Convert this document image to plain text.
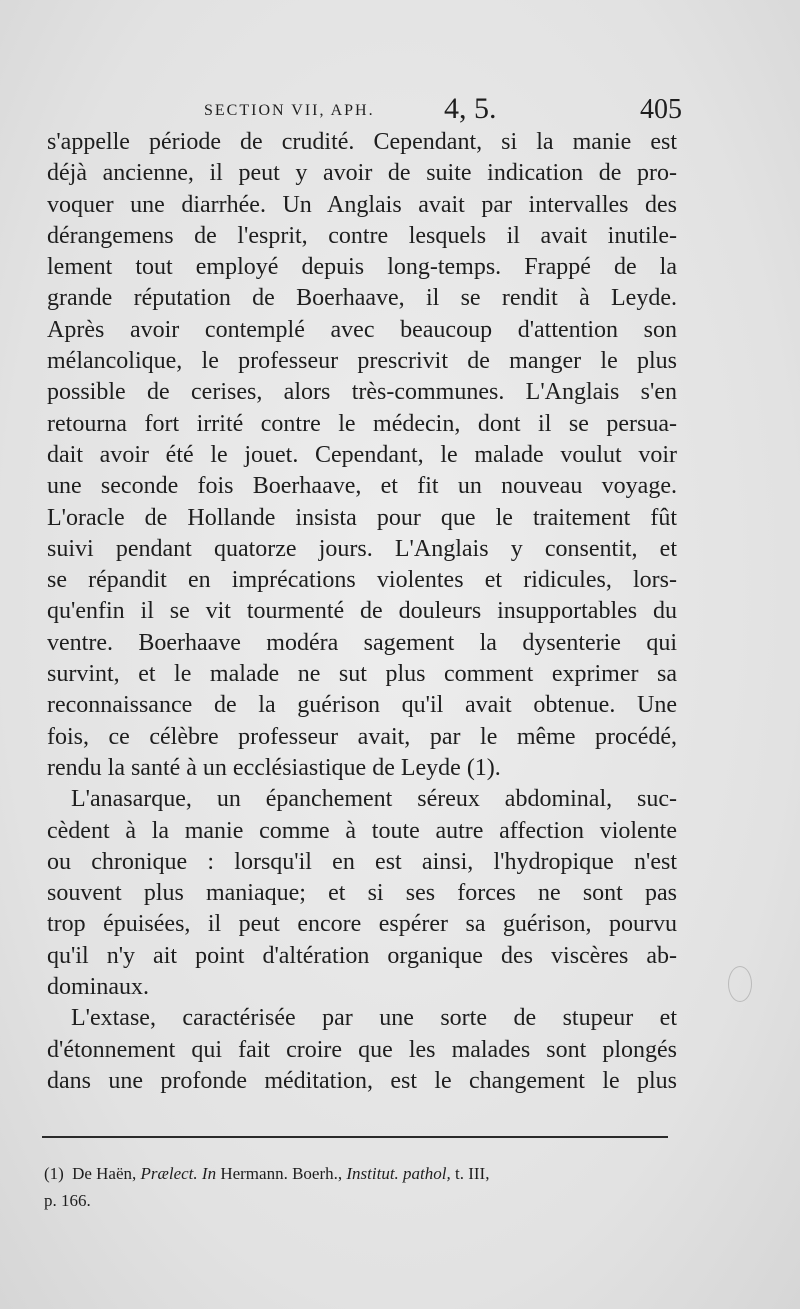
SECTION VII, APH. 4, 5.	405

s'appelle période de crudité. Cependant, si la manie est
déjà ancienne, il peut y avoir de suite indication de pro-
voquer une diarrhée. Un Anglais avait par intervalles des
dérangemens de l'esprit, contre lesquels il avait inutile-
lement tout employé depuis long-temps. Frappé de la
grande réputation de Boerhaave, il se rendit à Leyde.
Après avoir contemplé avec beaucoup d'attention son
mélancolique, le professeur prescrivit de manger le plus
possible de cerises, alors très-communes. L'Anglais s'en
retourna fort irrité contre le médecin, dont il se persua-
dait avoir été le jouet. Cependant, le malade voulut voir
une seconde fois Boerhaave, et fit un nouveau voyage.
L'oracle de Hollande insista pour que le traitement fût
suivi pendant quatorze jours. L'Anglais y consentit, et
se répandit en imprécations violentes et ridicules, lors-
qu'enfin il se vit tourmenté de douleurs insupportables du
ventre. Boerhaave modéra sagement la dysenterie qui
survint, et le malade ne sut plus comment exprimer sa
reconnaissance de la guérison qu'il avait obtenue. Une
fois, ce célèbre professeur avait, par le même procédé,
rendu la santé à un ecclésiastique de Leyde (1).

L'anasarque, un épanchement séreux abdominal, suc-
cèdent à la manie comme à toute autre affection violente
ou chronique : lorsqu'il en est ainsi, l'hydropique n'est
souvent plus maniaque; et si ses forces ne sont pas
trop épuisées, il peut encore espérer sa guérison, pourvu
qu'il n'y ait point d'altération organique des viscères ab-
dominaux.

L'extase, caractérisée par une sorte de stupeur et
d'étonnement qui fait croire que les malades sont plongés
dans une profonde méditation, est le changement le plus

(1) De Haën, Prælect. In Hermann. Boerh., Institut. pathol, t. III,
p. 166.
